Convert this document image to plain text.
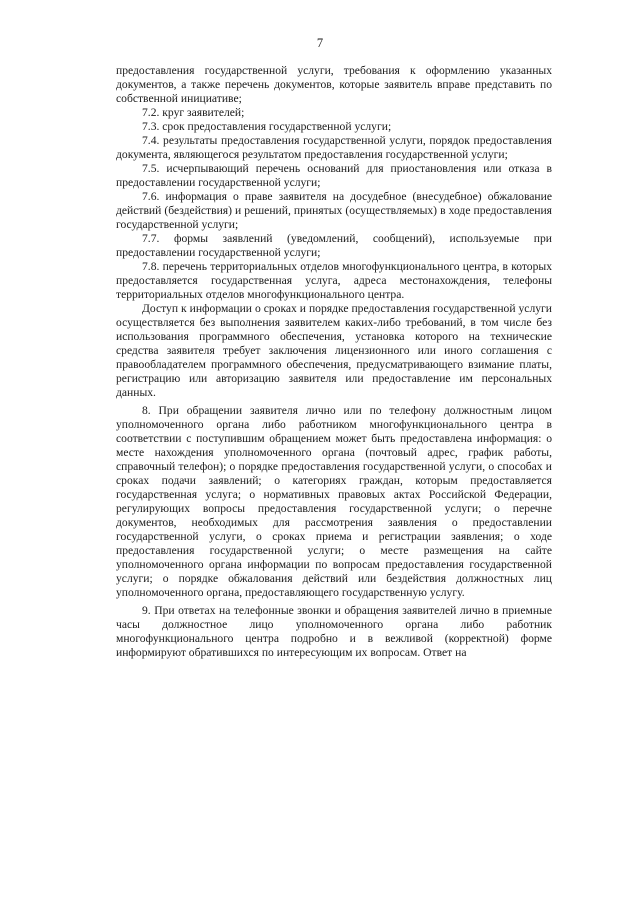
7

предоставления государственной услуги, требования к оформлению указанных документов, а также перечень документов, которые заявитель вправе представить по собственной инициативе;

7.2. круг заявителей;

7.3. срок предоставления государственной услуги;

7.4. результаты предоставления государственной услуги, порядок предоставления документа, являющегося результатом предоставления государственной услуги;

7.5. исчерпывающий перечень оснований для приостановления или отказа в предоставлении государственной услуги;

7.6. информация о праве заявителя на досудебное (внесудебное) обжалование действий (бездействия) и решений, принятых (осуществляемых) в ходе предоставления государственной услуги;

7.7. формы заявлений (уведомлений, сообщений), используемые при предоставлении государственной услуги;

7.8. перечень территориальных отделов многофункционального центра, в которых предоставляется государственная услуга, адреса местонахождения, телефоны территориальных отделов многофункционального центра.

Доступ к информации о сроках и порядке предоставления государственной услуги осуществляется без выполнения заявителем каких-либо требований, в том числе без использования программного обеспечения, установка которого на технические средства заявителя требует заключения лицензионного или иного соглашения с правообладателем программного обеспечения, предусматривающего взимание платы, регистрацию или авторизацию заявителя или предоставление им персональных данных.

8. При обращении заявителя лично или по телефону должностным лицом уполномоченного органа либо работником многофункционального центра в соответствии с поступившим обращением может быть предоставлена информация: о месте нахождения уполномоченного органа (почтовый адрес, график работы, справочный телефон); о порядке предоставления государственной услуги, о способах и сроках подачи заявлений; о категориях граждан, которым предоставляется государственная услуга; о нормативных правовых актах Российской Федерации, регулирующих вопросы предоставления государственной услуги; о перечне документов, необходимых для рассмотрения заявления о предоставлении государственной услуги, о сроках приема и регистрации заявления; о ходе предоставления государственной услуги; о месте размещения на сайте уполномоченного органа информации по вопросам предоставления государственной услуги; о порядке обжалования действий или бездействия должностных лиц уполномоченного органа, предоставляющего государственную услугу.

9. При ответах на телефонные звонки и обращения заявителей лично в приемные часы должностное лицо уполномоченного органа либо работник многофункционального центра подробно и в вежливой (корректной) форме информируют обратившихся по интересующим их вопросам. Ответ на
